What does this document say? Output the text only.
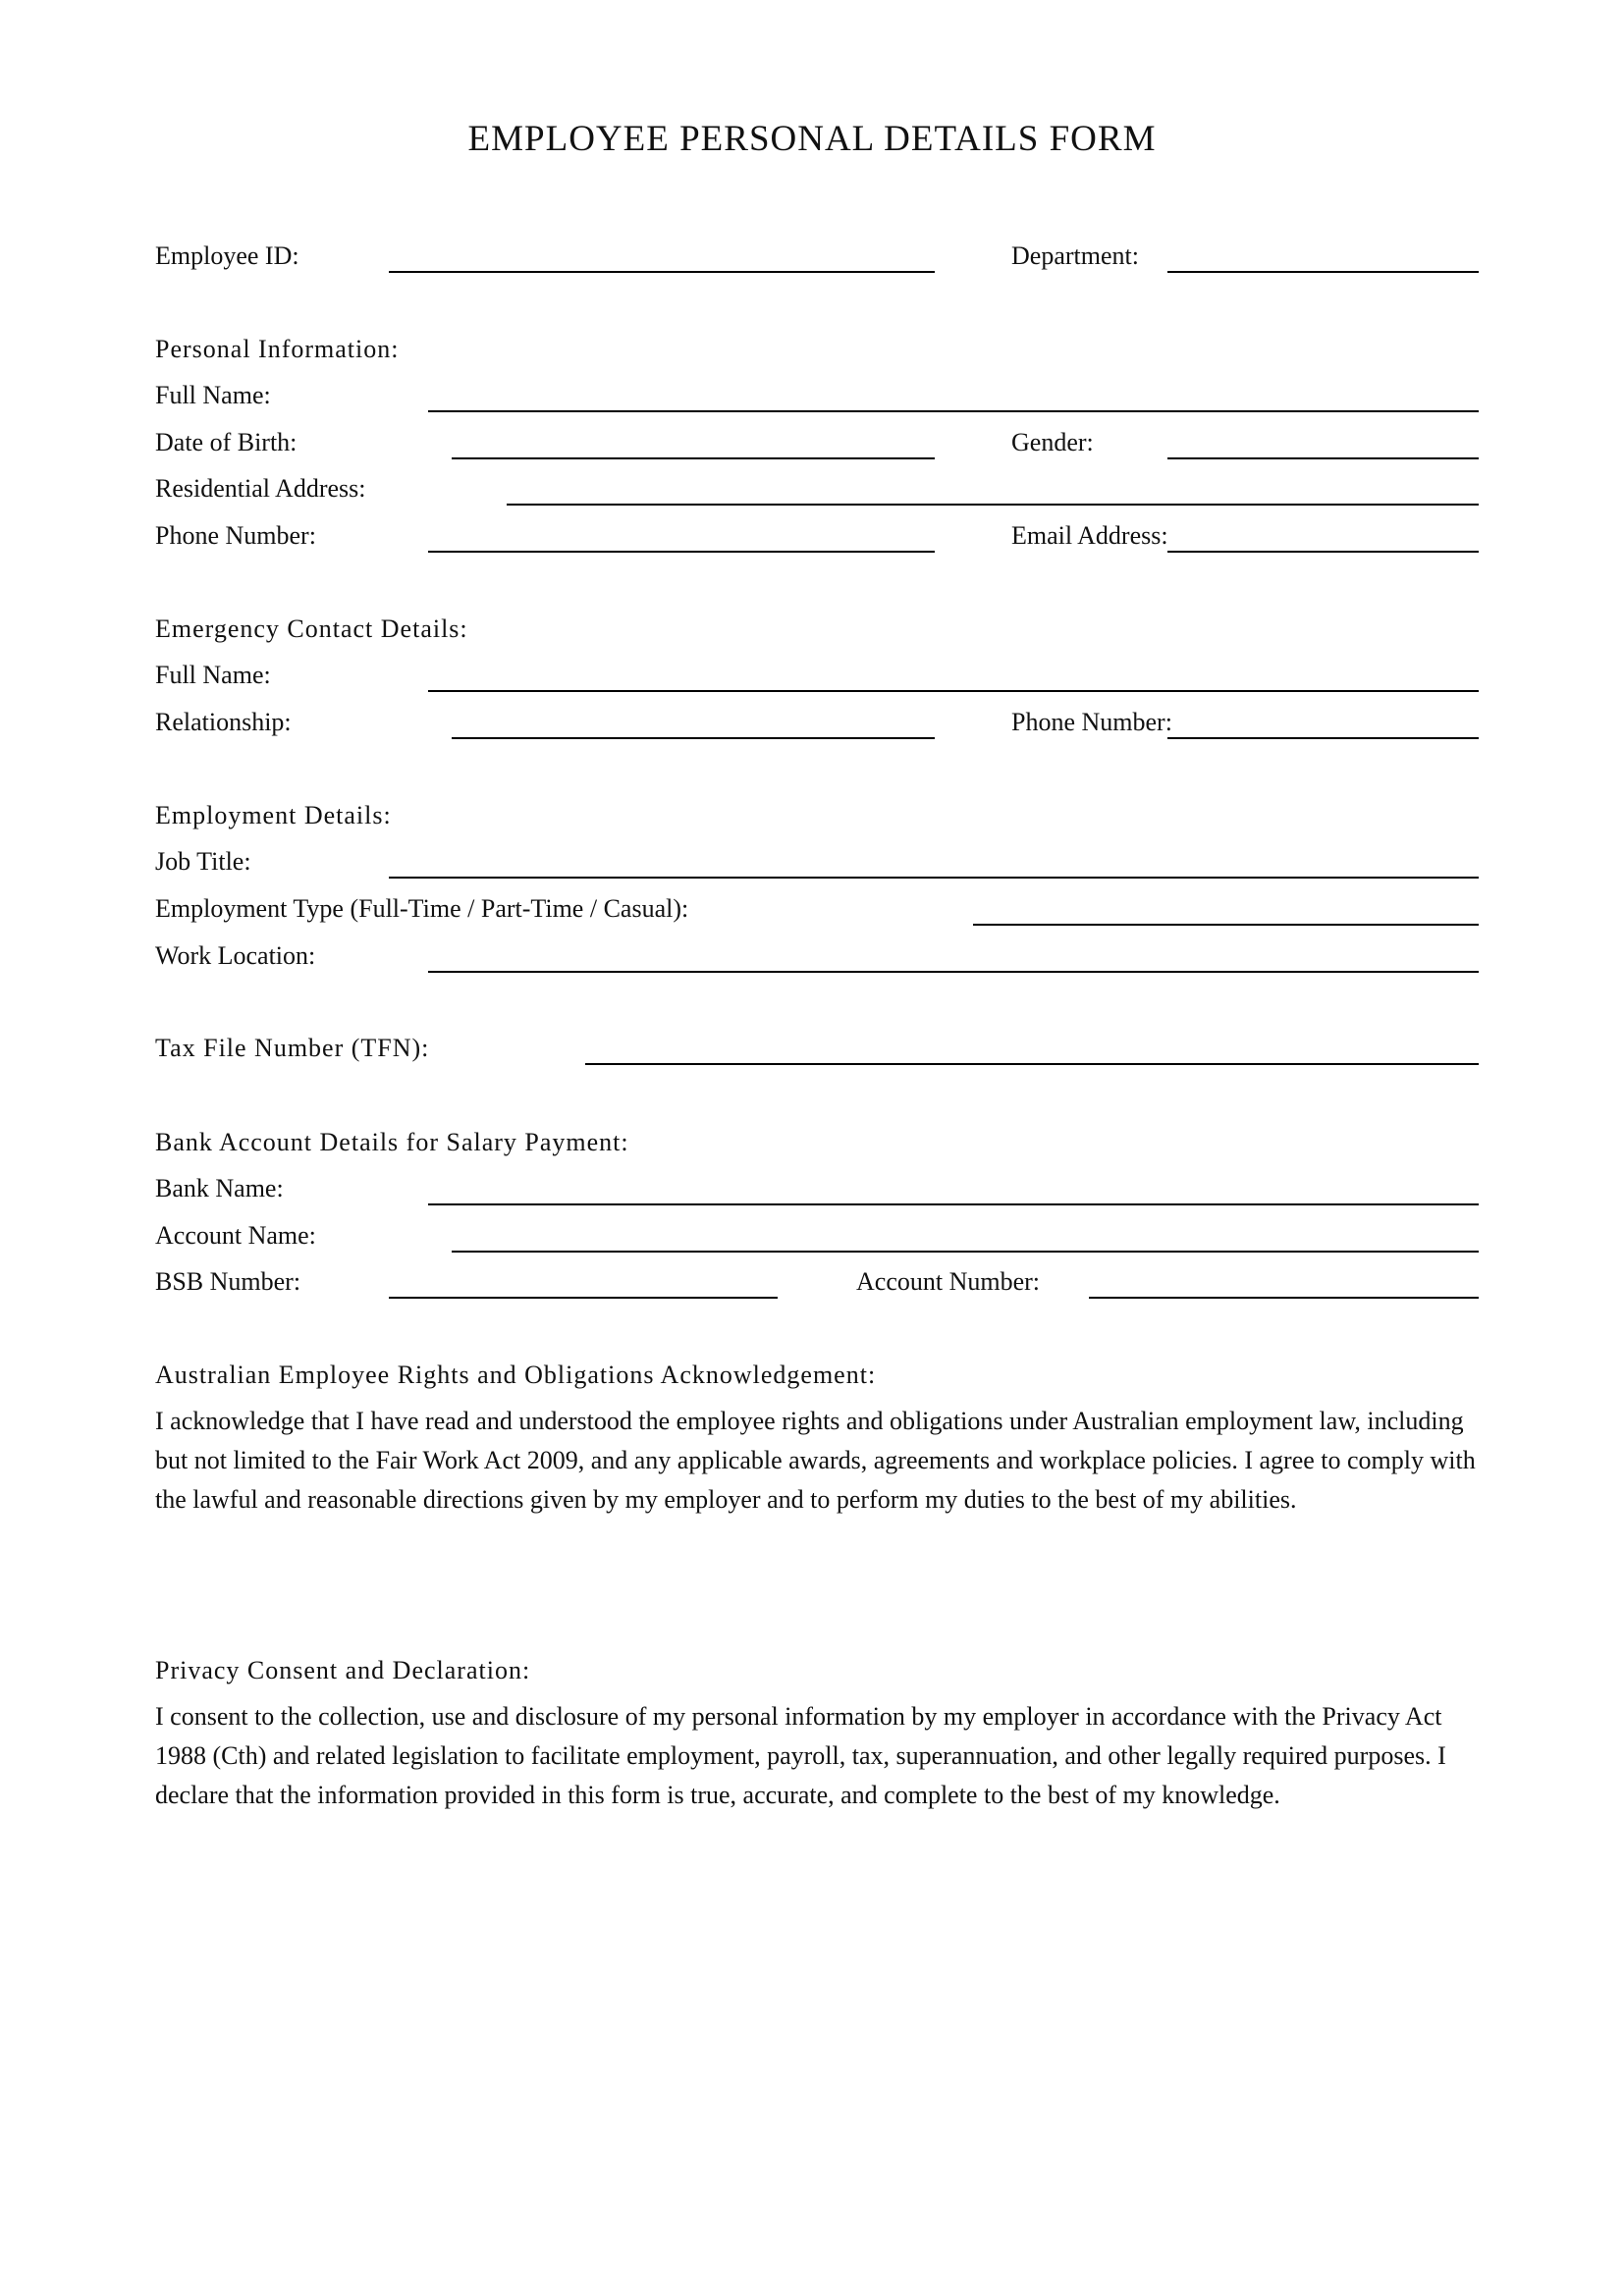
EMPLOYEE PERSONAL DETAILS FORM
Employee ID:	Department:
Personal Information:
Full Name:
Date of Birth:	Gender:
Residential Address:
Phone Number:	Email Address:
Emergency Contact Details:
Full Name:
Relationship:	Phone Number:
Employment Details:
Job Title:
Employment Type (Full-Time / Part-Time / Casual):
Work Location:
Tax File Number (TFN):
Bank Account Details for Salary Payment:
Bank Name:
Account Name:
BSB Number:	Account Number:
Australian Employee Rights and Obligations Acknowledgement:
I acknowledge that I have read and understood the employee rights and obligations under Australian employment law, including but not limited to the Fair Work Act 2009, and any applicable awards, agreements and workplace policies. I agree to comply with the lawful and reasonable directions given by my employer and to perform my duties to the best of my abilities.
Privacy Consent and Declaration:
I consent to the collection, use and disclosure of my personal information by my employer in accordance with the Privacy Act 1988 (Cth) and related legislation to facilitate employment, payroll, tax, superannuation, and other legally required purposes. I declare that the information provided in this form is true, accurate, and complete to the best of my knowledge.
